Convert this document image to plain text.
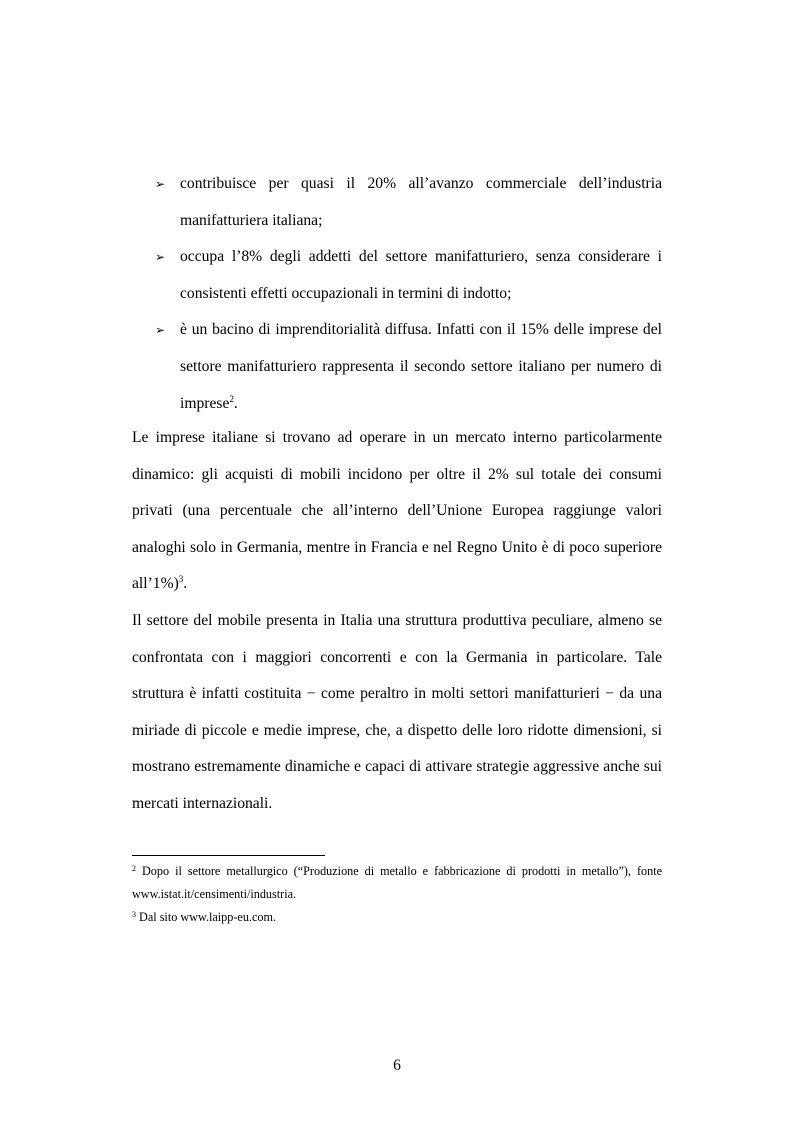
➢ contribuisce per quasi il 20% all’avanzo commerciale dell’industria manifatturiera italiana;
➢ occupa l’8% degli addetti del settore manifatturiero, senza considerare i consistenti effetti occupazionali in termini di indotto;
➢ è un bacino di imprenditorialità diffusa. Infatti con il 15% delle imprese del settore manifatturiero rappresenta il secondo settore italiano per numero di imprese$^2$.

Le imprese italiane si trovano ad operare in un mercato interno particolarmente dinamico: gli acquisti di mobili incidono per oltre il 2% sul totale dei consumi privati (una percentuale che all’interno dell’Unione Europea raggiunge valori analoghi solo in Germania, mentre in Francia e nel Regno Unito è di poco superiore all’1%)$^3$.

Il settore del mobile presenta in Italia una struttura produttiva peculiare, almeno se confrontata con i maggiori concorrenti e con la Germania in particolare. Tale struttura è infatti costituita − come peraltro in molti settori manifatturieri − da una miriade di piccole e medie imprese, che, a dispetto delle loro ridotte dimensioni, si mostrano estremamente dinamiche e capaci di attivare strategie aggressive anche sui mercati internazionali.

$^2$ Dopo il settore metallurgico (“Produzione di metallo e fabbricazione di prodotti in metallo”), fonte www.istat.it/censimenti/industria.

$^3$ Dal sito www.laipp-eu.com.

6
